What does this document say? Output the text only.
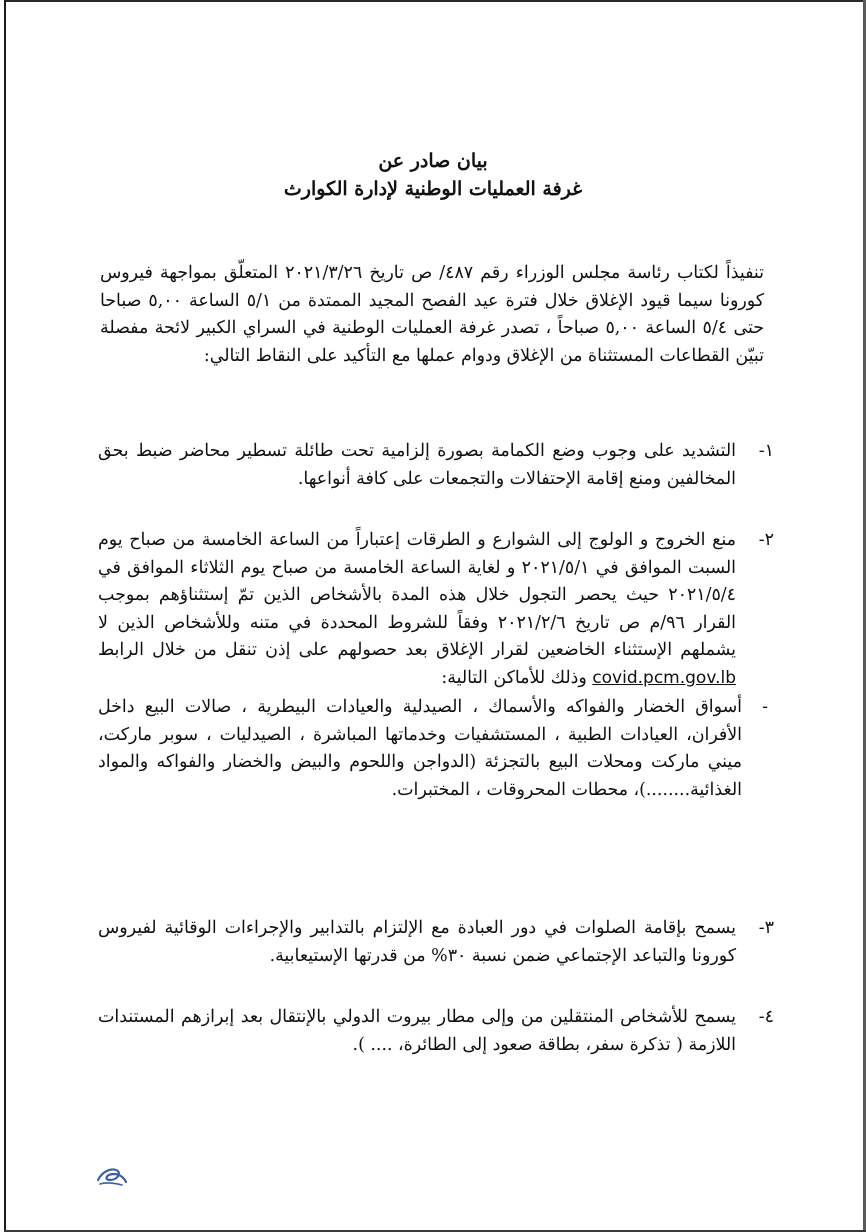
بيان صادر عن
غرفة العمليات الوطنية لإدارة الكوارث
تنفيذاً لكتاب رئاسة مجلس الوزراء رقم ٤٨٧/ ص تاريخ ٢٠٢١/٣/٢٦ المتعلّق بمواجهة فيروس كورونا سيما قيود الإغلاق خلال فترة عيد الفصح المجيد الممتدة من ٥/١ الساعة ٥,٠٠ صباحا حتى ٥/٤ الساعة ٥,٠٠ صباحاً ، تصدر غرفة العمليات الوطنية في السراي الكبير لائحة مفصلة تبيّن القطاعات المستثناة من الإغلاق ودوام عملها مع التأكيد على النقاط التالي:
١-
التشديد على وجوب وضع الكمامة بصورة إلزامية تحت طائلة تسطير محاضر ضبط بحق المخالفين ومنع إقامة الإحتفالات والتجمعات على كافة أنواعها.
٢-
منع الخروج و الولوج إلى الشوارع و الطرقات إعتباراً من الساعة الخامسة من صباح يوم السبت الموافق في ٢٠٢١/٥/١ و لغاية الساعة الخامسة من صباح يوم الثلاثاء الموافق في ٢٠٢١/٥/٤ حيث يحصر التجول خلال هذه المدة بالأشخاص الذين تمّ إستثناؤهم بموجب القرار ٩٦/م ص تاريخ ٢٠٢١/٢/٦ وفقاً للشروط المحددة في متنه وللأشخاص الذين لا يشملهم الإستثناء الخاضعين لقرار الإغلاق بعد حصولهم على إذن تنقل من خلال الرابط covid.pcm.gov.lb وذلك للأماكن التالية:
-
أسواق الخضار والفواكه والأسماك ، الصيدلية والعيادات البيطرية ، صالات البيع داخل الأفران، العيادات الطبية ، المستشفيات وخدماتها المباشرة ، الصيدليات ، سوبر ماركت، ميني ماركت ومحلات البيع بالتجزئة (الدواجن واللحوم والبيض والخضار والفواكه والمواد الغذائية........)، محطات المحروقات ، المختبرات.
٣-
يسمح بإقامة الصلوات في دور العبادة مع الإلتزام بالتدابير والإجراءات الوقائية لفيروس كورونا والتباعد الإجتماعي ضمن نسبة ٣٠% من قدرتها الإستيعابية.
٤-
يسمح للأشخاص المنتقلين من وإلى مطار بيروت الدولي بالإنتقال بعد إبرازهم المستندات اللازمة ( تذكرة سفر، بطاقة صعود إلى الطائرة، .... ).
